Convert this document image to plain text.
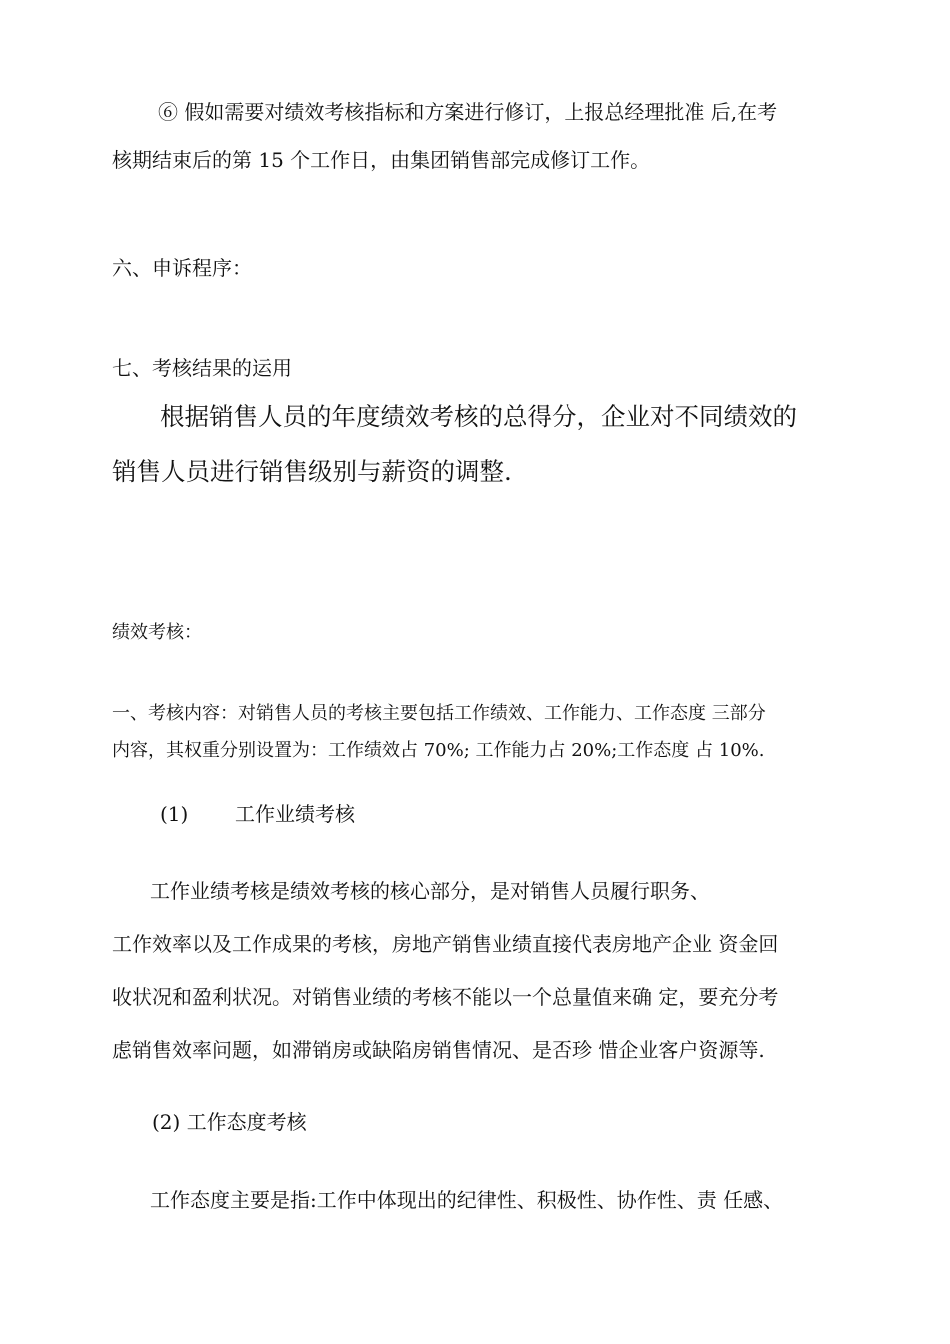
⑥ 假如需要对绩效考核指标和方案进行修订，上报总经理批准 后,在考
核期结束后的第 15 个工作日，由集团销售部完成修订工作。
六、申诉程序：
七、考核结果的运用
根据销售人员的年度绩效考核的总得分，企业对不同绩效的
销售人员进行销售级别与薪资的调整.
绩效考核：
一、考核内容：对销售人员的考核主要包括工作绩效、工作能力、工作态度 三部分
内容，其权重分别设置为：工作绩效占 70%; 工作能力占 20%;工作态度 占 10%.
(1) 工作业绩考核
工作业绩考核是绩效考核的核心部分，是对销售人员履行职务、
工作效率以及工作成果的考核，房地产销售业绩直接代表房地产企业 资金回
收状况和盈利状况。对销售业绩的考核不能以一个总量值来确 定，要充分考
虑销售效率问题，如滞销房或缺陷房销售情况、是否珍 惜企业客户资源等.
(2) 工作态度考核
工作态度主要是指:工作中体现出的纪律性、积极性、协作性、责 任感、
